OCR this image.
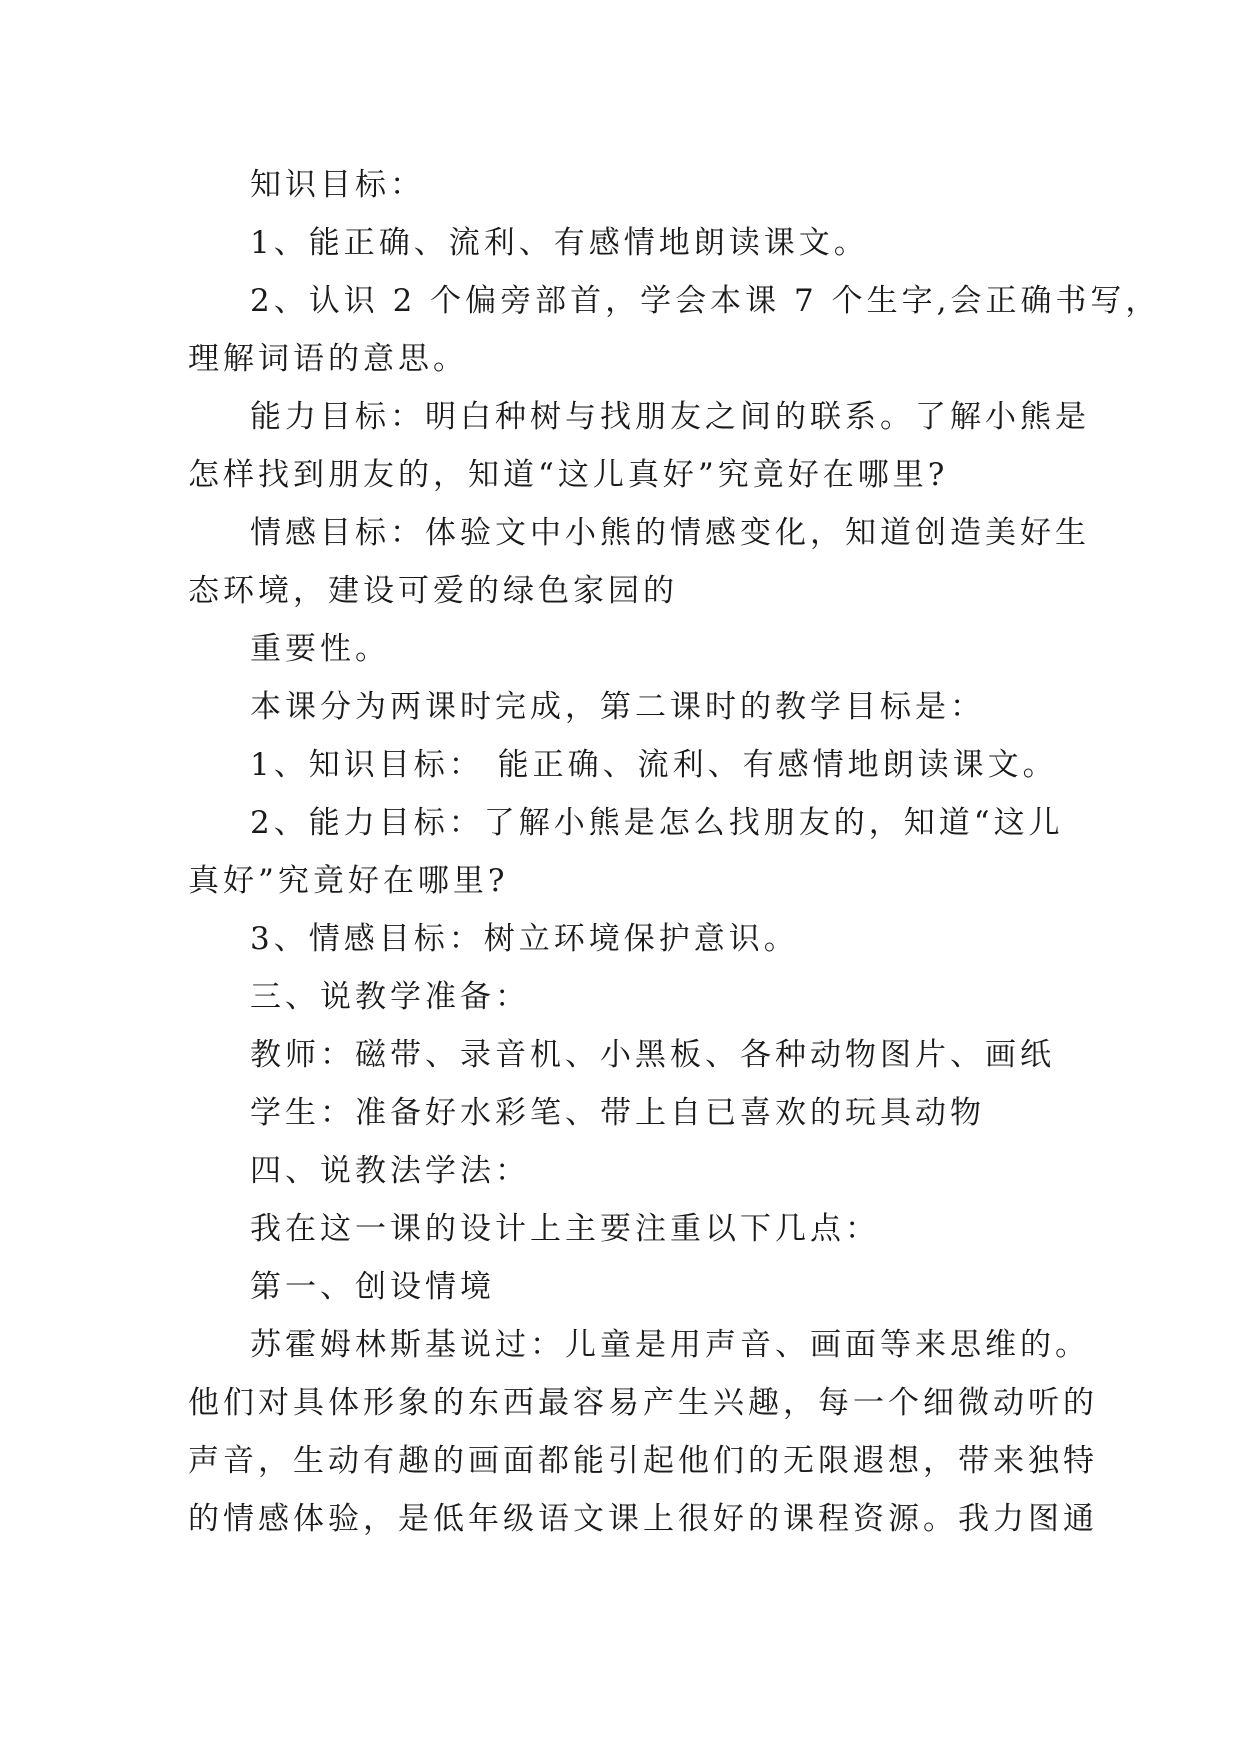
知识目标：
1、能正确、流利、有感情地朗读课文。
2、认识 2 个偏旁部首，学会本课 7 个生字,会正确书写，
理解词语的意思。
能力目标：明白种树与找朋友之间的联系。了解小熊是
怎样找到朋友的，知道“这儿真好”究竟好在哪里?
情感目标：体验文中小熊的情感变化，知道创造美好生
态环境，建设可爱的绿色家园的
重要性。
本课分为两课时完成，第二课时的教学目标是：
1、知识目标： 能正确、流利、有感情地朗读课文。
2、能力目标：了解小熊是怎么找朋友的，知道“这儿
真好”究竟好在哪里?
3、情感目标：树立环境保护意识。
三、说教学准备：
教师：磁带、录音机、小黑板、各种动物图片、画纸
学生：准备好水彩笔、带上自已喜欢的玩具动物
四、说教法学法：
我在这一课的设计上主要注重以下几点：
第一、创设情境
苏霍姆林斯基说过：儿童是用声音、画面等来思维的。
他们对具体形象的东西最容易产生兴趣，每一个细微动听的
声音，生动有趣的画面都能引起他们的无限遐想，带来独特
的情感体验，是低年级语文课上很好的课程资源。我力图通
